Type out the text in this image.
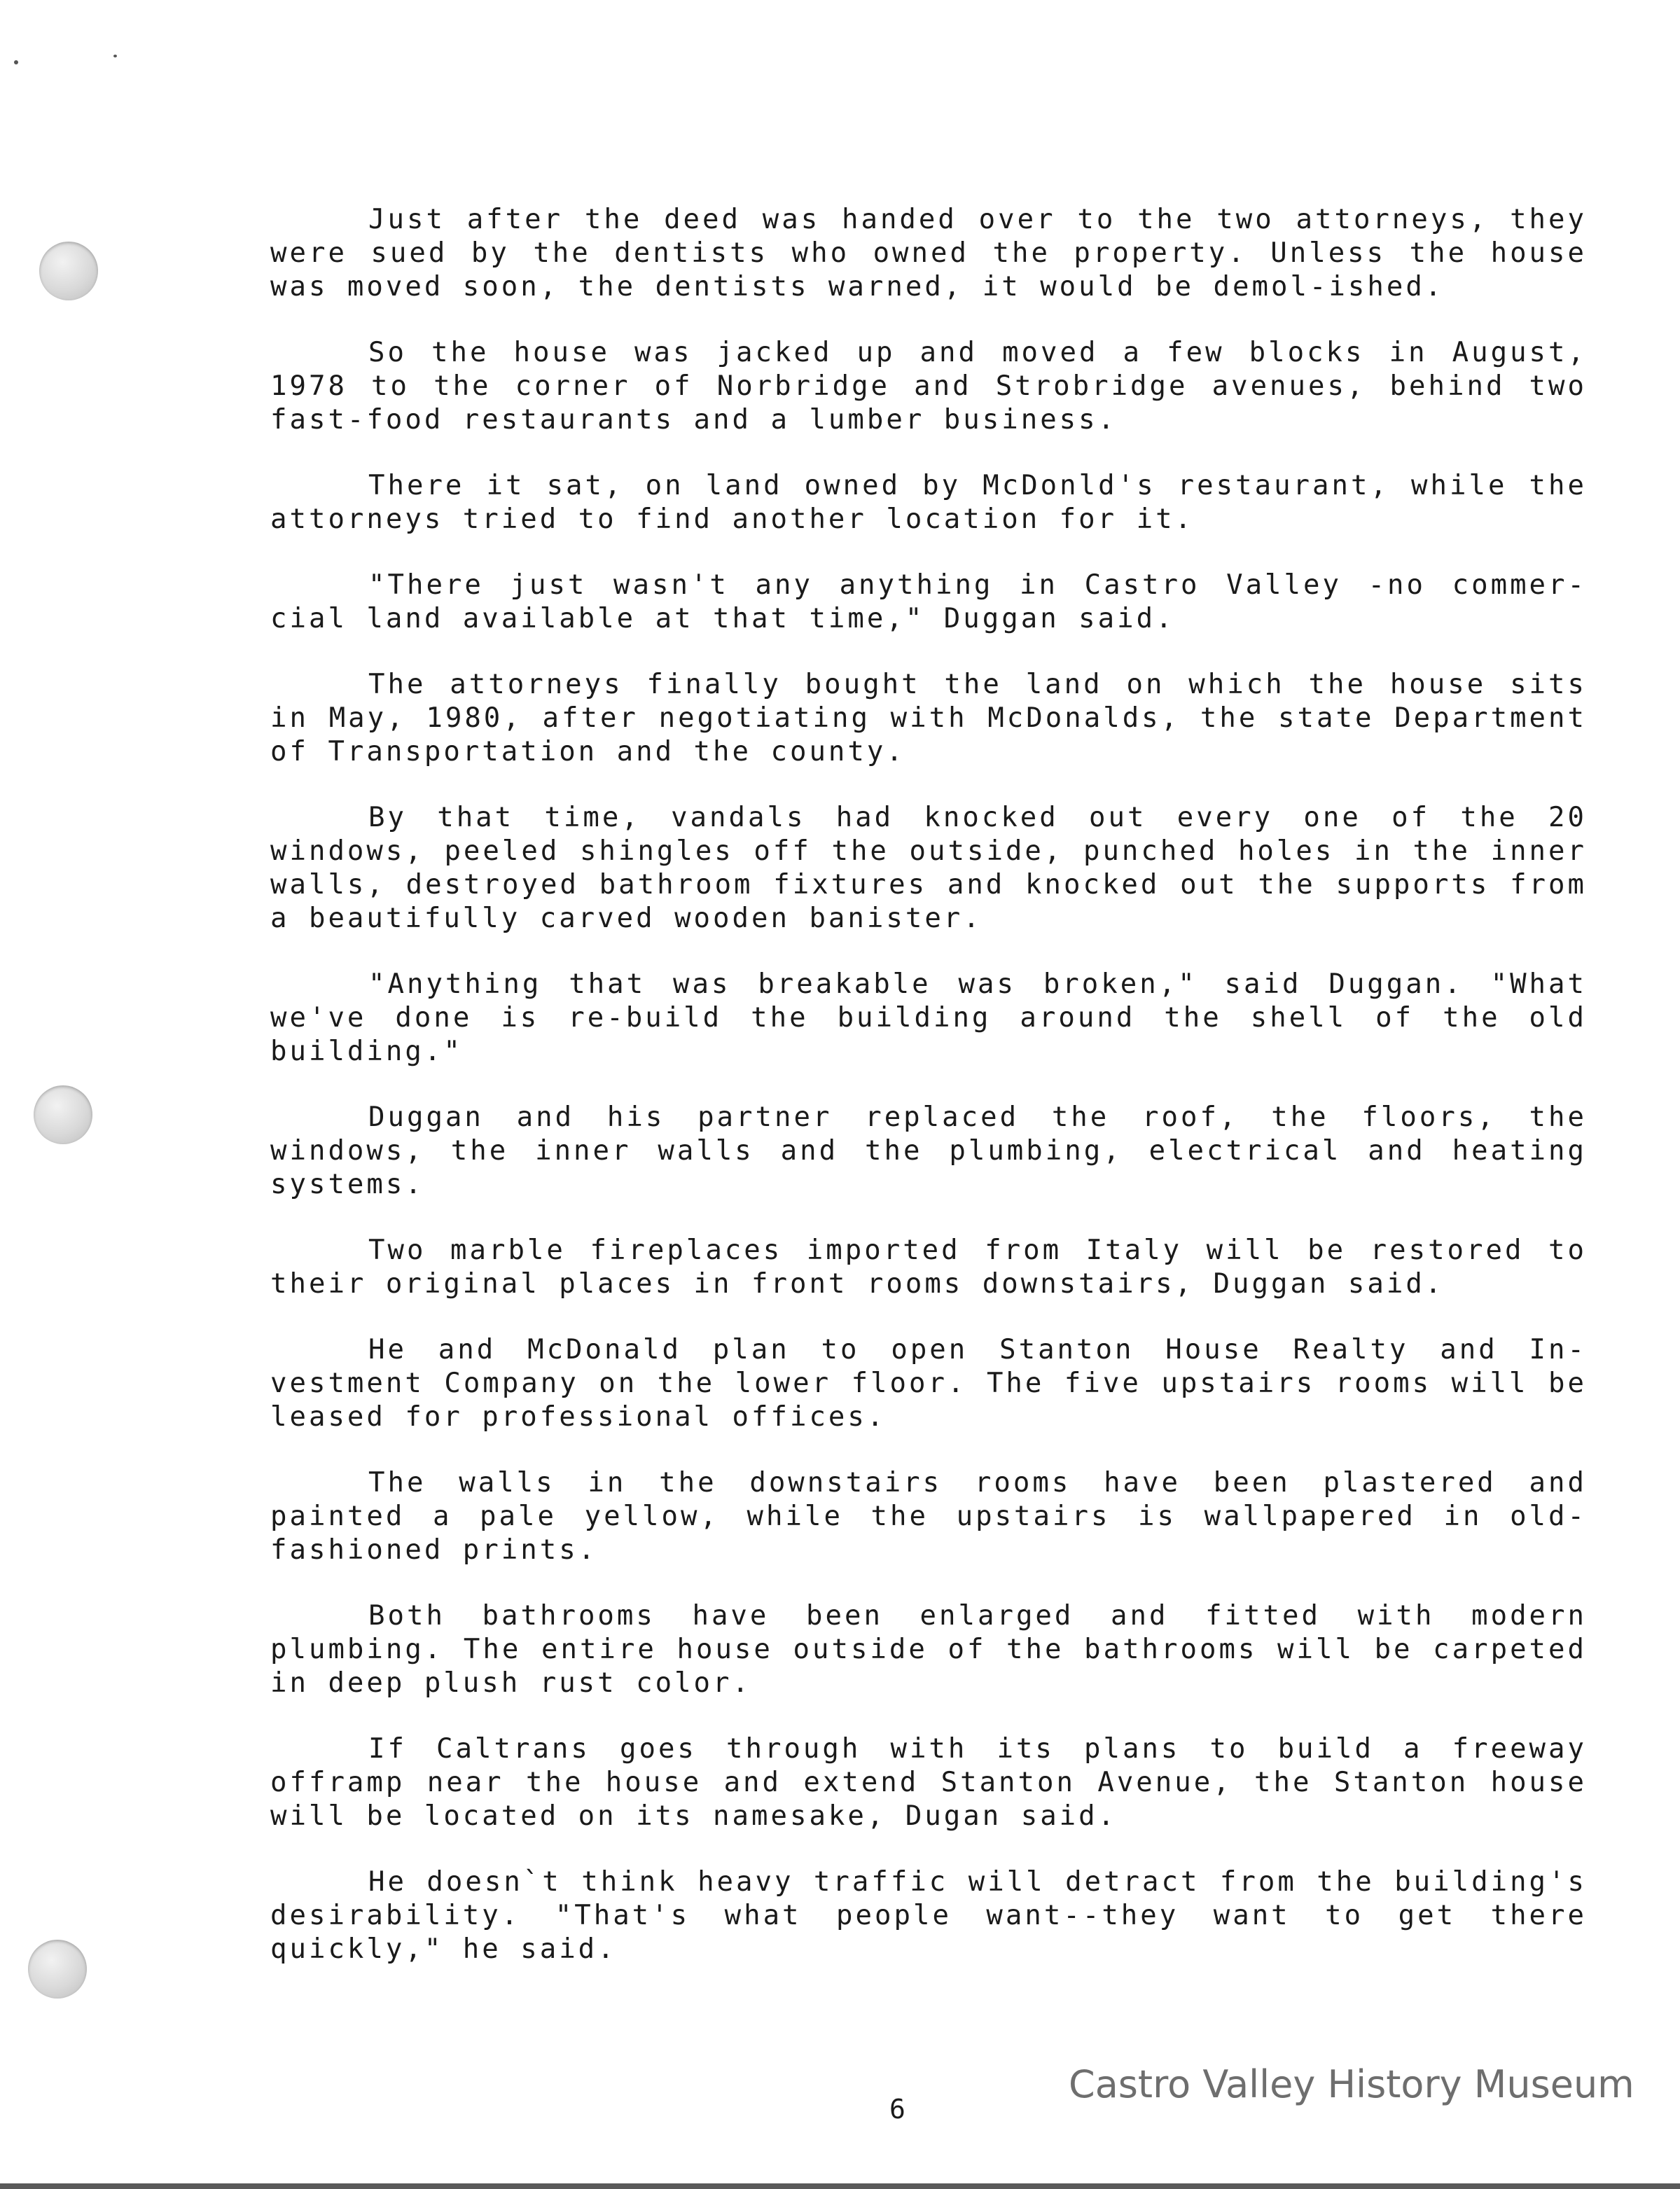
Just after the deed was handed over to the two attorneys, they were sued by the dentists who owned the property. Unless the house was moved soon, the dentists warned, it would be demol-ished.

So the house was jacked up and moved a few blocks in August, 1978 to the corner of Norbridge and Strobridge avenues, behind two fast-food restaurants and a lumber business.

There it sat, on land owned by McDonld's restaurant, while the attorneys tried to find another location for it.

"There just wasn't any anything in Castro Valley -no commer-cial land available at that time," Duggan said.

The attorneys finally bought the land on which the house sits in May, 1980, after negotiating with McDonalds, the state Department of Transportation and the county.

By that time, vandals had knocked out every one of the 20 windows, peeled shingles off the outside, punched holes in the inner walls, destroyed bathroom fixtures and knocked out the supports from a beautifully carved wooden banister.

"Anything that was breakable was broken," said Duggan. "What we've done is re-build the building around the shell of the old building."

Duggan and his partner replaced the roof, the floors, the windows, the inner walls and the plumbing, electrical and heating systems.

Two marble fireplaces imported from Italy will be restored to their original places in front rooms downstairs, Duggan said.

He and McDonald plan to open Stanton House Realty and In-vestment Company on the lower floor. The five upstairs rooms will be leased for professional offices.

The walls in the downstairs rooms have been plastered and painted a pale yellow, while the upstairs is wallpapered in old-fashioned prints.

Both bathrooms have been enlarged and fitted with modern plumbing. The entire house outside of the bathrooms will be carpeted in deep plush rust color.

If Caltrans goes through with its plans to build a freeway offramp near the house and extend Stanton Avenue, the Stanton house will be located on its namesake, Dugan said.

He doesn`t think heavy traffic will detract from the building's desirability. "That's what people want--they want to get there quickly," he said.

6
Castro Valley History Museum
